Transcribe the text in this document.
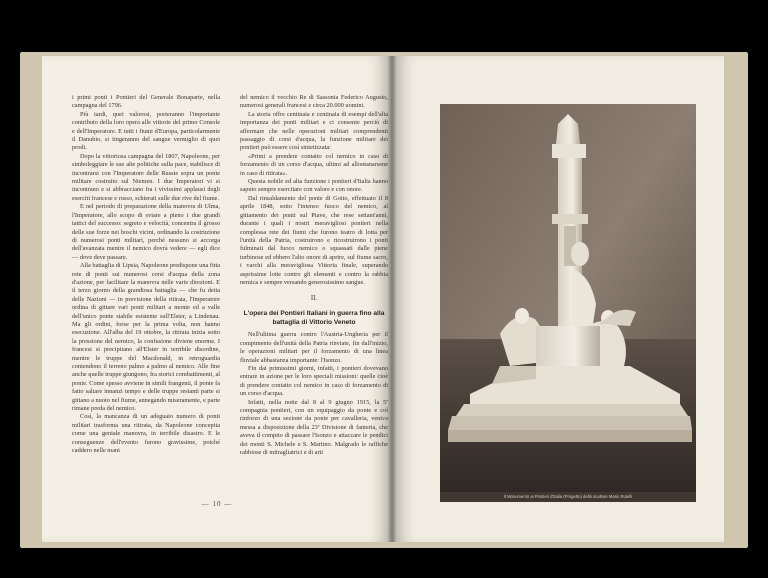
i primi ponti i Pontieri del Generale Bonaparte, nella campagna del 1796.

Più tardi, quei valorosi, porteranno l'importante contributo della loro opera alle vittorie del primo Console e dell'Imperatore. E tutti i fiumi d'Europa, particolarmente il Danubio, si tingeranno del sangue vermiglio di quei prodi.

Dopo la vittoriosa campagna del 1807, Napoleone, per simboleggiare le sue alte politiche sulla pace, stabilisce di incontrarsi con l'Imperatore delle Russie sopra un ponte militare costruito sul Niemen. I due Imperatori vi si incontrano e si abbracciano fra i vivissimi applausi degli eserciti francese e russo, schierati sulle due rive del fiume.

E nel periodo di preparazione della manovra di Ulma, l'Imperatore, allo scopo di sviare a pieno i due grandi tattici del successo: segreto e velocità, concentra il grosso delle sue forze nei boschi vicini, ordinando la costruzione di numerosi ponti militari, perché nessuno si accorga dell'avanzata mentre il nemico dovrà vedere — egli dice — dove deve passare.

Alla battaglia di Lipsia, Napoleone predispone una fitta rete di ponti sui numerosi corsi d'acqua della zona d'azione, per facilitare la manovra nelle varie direzioni. E il terzo giorno della grandiosa battaglia — che fu detta delle Nazioni — in previsione della ritirata, l'Imperatore ordina di gittare vari ponti militari a monte ed a valle dell'unico ponte stabile esistente sull'Elster, a Lindenau. Ma gli ordini, forse per la prima volta, non hanno esecuzione. All'alba del 19 ottobre, la ritirata inizia sotto la pressione del nemico, la confusione diviene enorme. I francesi si precipitano all'Elster in terribile disordine, mentre le truppe del Macdonald, in retroguardia contendono il terreno palmo a palmo al nemico. Alle fine anche quelle truppe giungono, fra storici combattimenti, al ponte. Come spesso avviene in simili frangenti, il ponte fa fatto saltare innanzi tempo e delle truppe restanti parte si gittano a nuoto nel fiume, annegando miseramente, e parte rimane preda del nemico.

Così, la mancanza di un adeguato numero di ponti militari trasforma una ritirata, da Napoleone concepita come una geniale manovra, in terribile disastro. E le conseguenze dell'evento furono gravissime, poiché caddero nelle mani

del nemico il vecchio Re di Sassonia Federico Augusto, numerosi generali francesi e circa 20.000 uomini.

La storia offre centinaia e centinaia di esempi dell'alta importanza dei ponti militari e ci consente perciò di affermare che nelle operazioni militari comprendenti passaggio di corsi d'acqua, la funzione militare dei pontieri può essere così sintetizzata:

«Primi a prendere contatto col nemico in caso di forzamento di un corso d'acqua, ultimi ad allontanarsene in caso di ritirata».

Questa nobile ed alta funzione i pontieri d'Italia hanno saputo sempre esercitare con valore e con onore.

Dal rinsaldamento del ponte di Goito, effettuato il 8 aprile 1848, sotto l'intenso fuoco del nemico, al gittamento dei ponti sul Piave, che rese settant'anni, durante i quali i nostri meravigliosi pontieri nella complessa rete dei fiumi che furono teatro di lotta per l'unità della Patria, costruirono e ricostruirono i ponti fulminati dal fuoco nemico o squassati dalle piene turbinose ed ebbero l'alto onore di aprire, sul fiume sacro, i varchi alla meravigliosa Vittoria finale, superando asprissime lotte contro gli elementi e contro la rabbia nemica e sempre versando generosissimo sangue.

II.
L'opera dei Pontieri Italiani in guerra fino alla battaglia di Vittorio Veneto

Nell'ultima guerra contro l'Austria-Ungheria per il compimento dell'unità della Patria rinviate, fin dall'inizio, le operazioni militari per il forzamento di una linea fluviale abbastanza importante: l'Isonzo.

Fin dai primissimi giorni, infatti, i pontieri dovevano entrare in azione per le loro speciali missioni: quelle cioè di prendere contatto col nemico in caso di forzamento di un corso d'acqua.

Infatti, nella notte dal 8 al 9 giugno 1915, la 5ª compagnia pontieri, con un equipaggio da ponte e col rinforzo di una sezione da ponte per cavalleria, veniva messa a disposizione della 23ª Divisione di fanteria, che aveva il compito di passare l'Isonzo e attaccare le pendici dei monti S. Michele e S. Martino. Malgrado le raffiche rabbiose di mitragliatrici e di arti

— 10 —
Il Monumento ai Pontieri d'Italia (Progetto) dello scultore Mario Rutelli
